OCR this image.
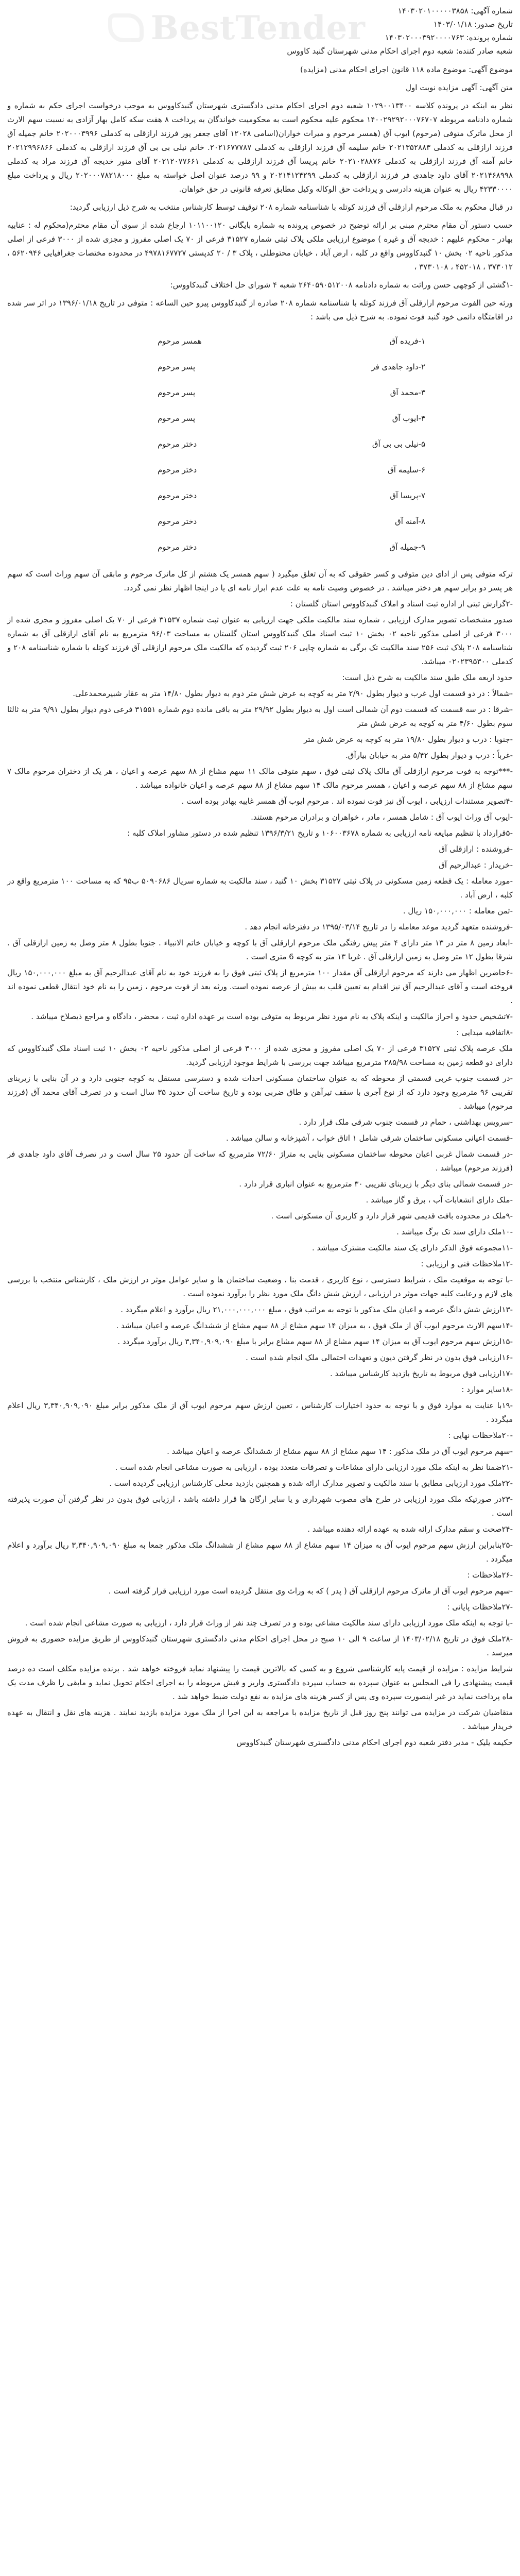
BestTender	شماره آگهی: ۱۴۰۳۰۲۰۱۰۰۰۰۰۳۸۵۸
تاریخ صدور: ۱۴۰۳/۰۱/۱۸
شماره پرونده: ۱۴۰۳۰۲۰۰۰۳۹۲۰۰۰۰۷۶۳
شعبه صادر کننده: شعبه دوم اجرای احکام مدنی شهرستان گنبد کاووس

موضوع آگهی: موضوع ماده ۱۱۸ قانون اجرای احکام مدنی (مزایده)

متن آگهی: آگهی مزایده نوبت اول

نظر به اینکه در پرونده کلاسه ۱۰۲۹۰۰۱۳۴۰۰ شعبه دوم اجرای احکام مدنی دادگستری شهرستان گنبدکاووس به موجب درخواست اجرای حکم به شماره و شماره دادنامه مربوطه ۱۴۰۰۲۹۲۹۲۰۰۰۷۶۷۰۷ محکوم علیه محکوم است به محکومیت خواندگان به پرداخت ۸ هفت سکه کامل بهار آزادی به نسبت سهم الارث از محل ماترک متوفی (مرحوم) ایوب آق (همسر مرحوم و میراث خواران(اسامی ۱۲۰۲۸ آقای جعفر پور فرزند ارازقلی به کدملی ۲۰۲۰۰۰۳۹۹۶ خانم جمیله آق فرزند ارازقلی به کدملی ۲۰۲۱۳۵۲۸۸۳ خانم سلیمه آق فرزند ارازقلی به کدملی ۲۰۲۱۶۷۷۷۸۷. خانم نیلی بی بی آق فرزند ارازقلی به کدملی ۲۰۲۱۲۹۹۶۸۶۶ خانم آمنه آق فرزند ارازقلی به کدملی ۲۰۲۱۰۲۸۸۷۶ خانم پریسا آق فرزند ارازقلی به کدملی ۲۰۲۱۲۰۷۷۶۶۱ آقای منور خدیجه آق فرزند مراد به کدملی ۲۰۲۱۴۶۸۹۹۸ آقای داود جاهدی فر فرزند ارازقلی به کدملی ۲۰۲۱۴۱۲۴۲۹۹ و ۹۹ درصد عنوان اصل خواسته به مبلغ ۲۰۲۰۰۰۷۸۲۱۸۰۰۰ ریال و پرداخت مبلغ ۴۲۳۳۰۰۰۰ ریال به عنوان هزینه دادرسی و پرداخت حق الوکاله وکیل مطابق تعرفه قانونی در حق خواهان.

در قبال محکوم به ملک مرحوم ارازقلی آق فرزند کوتله با شناسنامه شماره ۲۰۸ توقیف توسط کارشناس منتخب به شرح ذیل ارزیابی گردید:

حسب دستور آن مقام محترم مبنی بر ارائه توضیح در خصوص پرونده به شماره بایگانی ۱۰۱۱۰۰۱۲۰ ارجاع شده از سوی آن مقام محترم(محکوم له : عنابیه بهادر - محکوم علیهم : خدیجه آق و غیره ) موضوع ارزیابی ملکی پلاک ثبتی شماره ۳۱۵۲۷ فرعی از ۷۰ یک اصلی مفروز و مجزی شده از ۳۰۰۰ فرعی از اصلی مذکور ناحیه ۰۲ بخش ۱۰ گنبدکاووس واقع در کلبه ، ارض آباد ، خیابان محتوطلی ، پلاک ۳ / ۲۰ کدپستی ۴۹۷۸۱۶۷۷۲۷ در محدوده مختصات جغرافیایی ۵۶۲۰۹۴۶ ، ۳۷۳۰۱۲ ، ۴۵۲۰۱۸ ، ۳۷۳۰۱۰۸ ،

-۱گشتی از کوچهی حسن وراثت به شماره دادنامه ۲۶۴۰۵۹۰۵۱۲۰۰۸ شعبه ۴ شورای حل اختلاف گنبدکاووس:

ورثه حین الفوت مرحوم ارازقلی آق فرزند کوتله با شناسنامه شماره ۲۰۸ صادره از گنبدکاووس پیرو حین الساعه : متوفی در تاریخ ۱۳۹۶/۰۱/۱۸ در اثر سر شده در اقامتگاه دائمی خود گنبد فوت نموده. به شرح ذیل می باشد :

۱-فریده آق
همسر مرحوم
۲-داود جاهدی فر
پسر مرحوم
۳-محمد آق
پسر مرحوم
۴-ایوب آق
پسر مرحوم
۵-نیلی بی بی آق
دختر مرحوم
۶-سلیمه آق
دختر مرحوم
۷-پریسا آق
دختر مرحوم
۸-آمنه آق
دختر مرحوم
۹-جمیله آق
دختر مرحوم

ترکه متوفی پس از ادای دین متوفی و کسر حقوقی که به آن تعلق میگیرد ( سهم همسر یک هشتم از کل ماترک مرحوم و مابقی آن سهم وراث است که سهم هر پسر دو برابر سهم هر دختر میباشد . در خصوص وصیت نامه به علت عدم ابراز نامه ای یا در اینجا اظهار نظر نمی گردد.

-۲گزارش ثبتی از اداره ثبت اسناد و املاک گنبدکاووس استان گلستان :

صدور مشخصات تصویر مدارک ارزیابی ، شماره سند مالکیت ملکی جهت ارزیابی به عنوان ثبت شماره ۳۱۵۳۷ فرعی از ۷۰ یک اصلی مفروز و مجزی شده از ۳۰۰۰ فرعی از اصلی مذکور ناحیه ۰۲ بخش ۱۰ ثبت اسناد ملک گنبدکاووس استان گلستان به مساحت ۹۶/۰۳ مترمربع به نام آقای ارازقلی آق به شماره شناسنامه ۲۰۸ پلاک ثبت ۲۵۶ سند مالکیت تک برگی به شماره چاپی ۲۰۶ ثبت گردیده که مالکیت ملک مرحوم ارازقلی آق فرزند کوتله با شماره شناسنامه ۲۰۸ و کدملی ۰۲۰۲۳۹۵۳۰۰ میباشد.

حدود اربعه ملک طبق سند مالکیت به شرح ذیل است:

-شمالاً : در دو قسمت اول غرب و دیوار بطول ۲/۹۰ متر به کوچه به عرض شش متر دوم به دیوار بطول ۱۴/۸۰ متر به عقار شبیرمحمدعلی.

-شرقا : در سه قسمت که قسمت دوم آن شمالی است اول به دیوار بطول ۲۹/۹۲ متر به باقی مانده دوم شماره ۳۱۵۵۱ فرعی دوم دیوار بطول ۹/۹۱ متر به ثالثا سوم بطول ۴/۶۰ متر به کوچه به عرض شش متر

-جنوبا : درب و دیوار بطول ۱۹/۸۰ متر به کوچه به عرض شش متر

-غرباً : درب و دیوار بطول ۵/۴۲ متر به خیابان بیارآق.

-***توجه به فوت مرحوم ارازقلی آق مالک پلاک ثبتی فوق ، سهم متوفی مالک ۱۱ سهم مشاع از ۸۸ سهم عرصه و اعیان ، هر یک از دختران مرحوم مالک ۷ سهم مشاع از ۸۸ سهم عرصه و اعیان ، همسر مرحوم مالک ۱۴ سهم مشاع از ۸۸ سهم عرصه و اعیان خانواده میباشد .

-۴تصویر مستندات ارزیابی ، ایوب آق نیز فوت نموده اند . مرحوم ایوب آق همسر غایبه بهادر بوده است .

-ایوب آق وراث ایوب آق : شامل همسر ، مادر ، خواهران و برادران مرحوم هستند.

-۵قرارداد با تنظیم مبایعه نامه ارزیابی به شماره ۱۰۶۰۰۳۶۷۸ و تاریخ ۱۳۹۶/۳/۲۱ تنظیم شده در دستور مشاور املاک کلبه :

-فروشنده : ارازقلی آق

-خریدار : عبدالرحیم آق

-مورد معامله : یک قطعه زمین مسکونی در پلاک ثبتی ۳۱۵۲۷ بخش ۱۰ گنبد ، سند مالکیت به شماره سریال ۵۰۹۰۶۸۶ ب۹۵ که به مساحت ۱۰۰ مترمربع واقع در کلبه ، ارض آباد .

-ثمن معامله : ۱۵۰,۰۰۰,۰۰۰ ریال .

-فروشنده متعهد گردید موعد معامله را در تاریخ ۱۳۹۵/۰۳/۱۴ در دفترخانه انجام دهد .

-ابعاد زمین ۸ متر در ۱۳ متر دارای ۴ متر پیش رفتگی ملک مرحوم ارازقلی آق با کوچه و خیابان خاتم الانبیاء . جنوبا بطول ۸ متر وصل به زمین ارازقلی آق . شرقا بطول ۱۲ متر وصل به زمین ارازقلی آق . غربا ۱۳ متر به کوچه 6 متری است .

-۶حاضرین اظهار می دارند که مرحوم ارازقلی آق مقدار ۱۰۰ مترمربع از پلاک ثبتی فوق را به فرزند خود به نام آقای عبدالرحیم آق به مبلغ ۱۵۰,۰۰۰,۰۰۰ ریال فروخته است و آقای عبدالرحیم آق نیز اقدام به تعیین قلب به بیش از عرصه نموده است. ورثه بعد از فوت مرحوم ، زمین را به نام خود انتقال قطعی نموده اند .

-۷تشخیص حدود و احراز مالکیت و اینکه پلاک به نام مورد نظر مربوط به متوفی بوده است بر عهده اداره ثبت ، محضر ، دادگاه و مراجع ذیصلاح میباشد .

-۸اتفاقیه مبدایی :

ملک عرصه پلاک ثبتی ۳۱۵۲۷ فرعی از ۷۰ یک اصلی مفروز و مجزی شده از ۳۰۰۰ فرعی از اصلی مذکور ناحیه ۰۲ بخش ۱۰ ثبت اسناد ملک گنبدکاووس که دارای دو قطعه زمین به مساحت ۲۸۵/۹۸ مترمربع میباشد جهت بررسی با شرایط موجود ارزیابی گردید.

-در قسمت جنوب غربی قسمتی از محوطه که به عنوان ساختمان مسکونی احداث شده و دسترسی مستقل به کوچه جنوبی دارد و در آن بنایی با زیربنای تقریبی ۹۶ مترمربع وجود دارد که از نوع آجری با سقف تیرآهن و طاق ضربی بوده و تاریخ ساخت آن حدود ۳۵ سال است و در تصرف آقای محمد آق (فرزند مرحوم) میباشد .

-سرویس بهداشتی ، حمام در قسمت جنوب شرقی ملک قرار دارد .

-قسمت اعیانی مسکونی ساختمان شرقی شامل ۱ اتاق خواب ، آشپزخانه و سالن میباشد .

-در قسمت شمال غربی اعیان محوطه ساختمان مسکونی بنایی به متراژ ۷۲/۶۰ مترمربع که ساخت آن حدود ۲۵ سال است و در تصرف آقای داود جاهدی فر (فرزند مرحوم) میباشد .

-در قسمت شمالی بنای دیگر با زیربنای تقریبی ۳۰ مترمربع به عنوان انباری قرار دارد .

-ملک دارای انشعابات آب ، برق و گاز میباشد .

-۹ملک در محدوده بافت قدیمی شهر قرار دارد و کاربری آن مسکونی است .

-۱۰ملک دارای سند تک برگ میباشد .

-۱۱مجموعه فوق الذکر دارای یک سند مالکیت مشترک میباشد .

-۱۲ملاحظات فنی و ارزیابی :

-با توجه به موقعیت ملک ، شرایط دسترسی ، نوع کاربری ، قدمت بنا ، وضعیت ساختمان ها و سایر عوامل موثر در ارزش ملک ، کارشناس منتخب با بررسی های لازم و رعایت کلیه جهات موثر در ارزیابی ، ارزش شش دانگ ملک مورد نظر را برآورد نموده است .

-۱۳ارزش شش دانگ عرصه و اعیان ملک مذکور با توجه به مراتب فوق ، مبلغ ۲۱,۰۰۰,۰۰۰,۰۰۰ ریال برآورد و اعلام میگردد .

-۱۴سهم الارث مرحوم ایوب آق از ملک فوق ، به میزان ۱۴ سهم مشاع از ۸۸ سهم مشاع از ششدانگ عرصه و اعیان میباشد .

-۱۵ارزش سهم مرحوم ایوب آق به میزان ۱۴ سهم مشاع از ۸۸ سهم مشاع برابر با مبلغ ۳,۳۴۰,۹۰۹,۰۹۰ ریال برآورد میگردد .

-۱۶ارزیابی فوق بدون در نظر گرفتن دیون و تعهدات احتمالی ملک انجام شده است .

-۱۷ارزیابی فوق مربوط به تاریخ بازدید کارشناس میباشد .

-۱۸سایر موارد :

-۱۹با عنایت به موارد فوق و با توجه به حدود اختیارات کارشناس ، تعیین ارزش سهم مرحوم ایوب آق از ملک مذکور برابر مبلغ ۳,۳۴۰,۹۰۹,۰۹۰ ریال اعلام میگردد .

-۲۰ملاحظات نهایی :

-سهم مرحوم ایوب آق در ملک مذکور : ۱۴ سهم مشاع از ۸۸ سهم مشاع از ششدانگ عرصه و اعیان میباشد .

-۲۱ضمنا نظر به اینکه ملک مورد ارزیابی دارای مشاعات و تصرفات متعدد بوده ، ارزیابی به صورت مشاعی انجام شده است .

-۲۲ملک مورد ارزیابی مطابق با سند مالکیت و تصویر مدارک ارائه شده و همچنین بازدید محلی کارشناس ارزیابی گردیده است .

-۲۳در صورتیکه ملک مورد ارزیابی در طرح های مصوب شهرداری و یا سایر ارگان ها قرار داشته باشد ، ارزیابی فوق بدون در نظر گرفتن آن صورت پذیرفته است .

-۲۴صحت و سقم مدارک ارائه شده به عهده ارائه دهنده میباشد .

-۲۵بنابراین ارزش سهم مرحوم ایوب آق به میزان ۱۴ سهم مشاع از ۸۸ سهم مشاع از ششدانگ ملک مذکور جمعا به مبلغ ۳,۳۴۰,۹۰۹,۰۹۰ ریال برآورد و اعلام میگردد .

-۲۶ملاحظات :

-سهم مرحوم ایوب آق از ماترک مرحوم ارازقلی آق ( پدر ) که به وراث وی منتقل گردیده است مورد ارزیابی قرار گرفته است .

-۲۷ملاحظات پایانی :

-با توجه به اینکه ملک مورد ارزیابی دارای سند مالکیت مشاعی بوده و در تصرف چند نفر از وراث قرار دارد ، ارزیابی به صورت مشاعی انجام شده است .

-۲۸ملک فوق در تاریخ ۱۴۰۳/۰۲/۱۸ از ساعت ۹ الی ۱۰ صبح در محل اجرای احکام مدنی دادگستری شهرستان گنبدکاووس از طریق مزایده حضوری به فروش میرسد .

شرایط مزایده : مزایده از قیمت پایه کارشناسی شروع و به کسی که بالاترین قیمت را پیشنهاد نماید فروخته خواهد شد . برنده مزایده مکلف است ده درصد قیمت پیشنهادی را فی المجلس به عنوان سپرده به حساب سپرده دادگستری واریز و فیش مربوطه را به اجرای احکام تحویل نماید و مابقی را ظرف مدت یک ماه پرداخت نماید در غیر اینصورت سپرده وی پس از کسر هزینه های مزایده به نفع دولت ضبط خواهد شد .

متقاضیان شرکت در مزایده می توانند پنج روز قبل از تاریخ مزایده با مراجعه به این اجرا از ملک مورد مزایده بازدید نمایند . هزینه های نقل و انتقال به عهده خریدار میباشد .

حکیمه یلیک - مدیر دفتر شعبه دوم اجرای احکام مدنی دادگستری شهرستان گنبدکاووس
